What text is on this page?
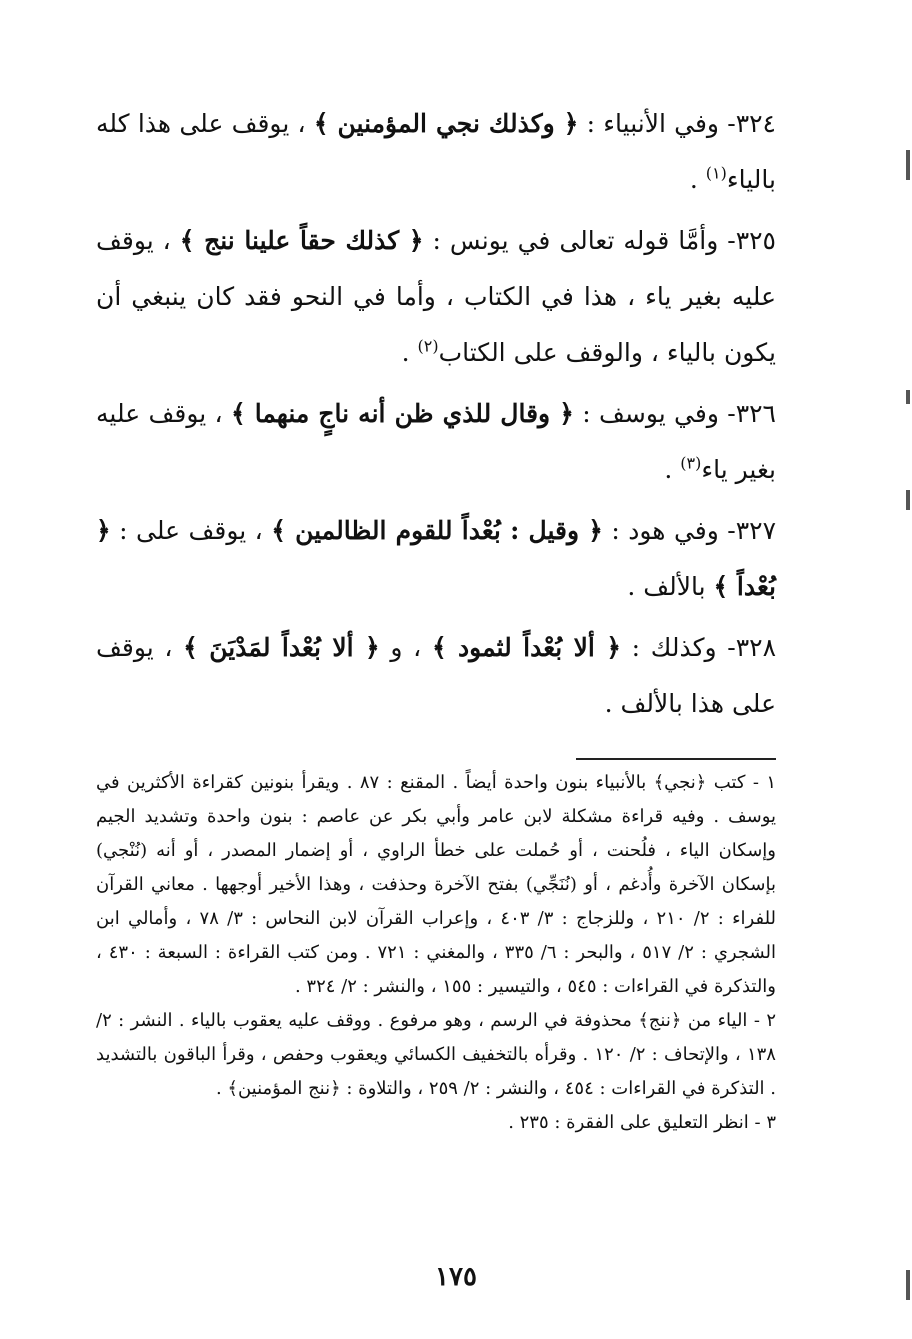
٣٢٤- وفي الأنبياء : ﴿ وكذلك نجي المؤمنين ﴾ ، يوقف على هذا كله بالياء$^{(١)}$ .

٣٢٥- وأمَّا قوله تعالى في يونس : ﴿ كذلك حقاً علينا ننج ﴾ ، يوقف عليه بغير ياء ، هذا في الكتاب ، وأما في النحو فقد كان ينبغي أن يكون بالياء ، والوقف على الكتاب$^{(٢)}$ .

٣٢٦- وفي يوسف : ﴿ وقال للذي ظن أنه ناجٍ منهما ﴾ ، يوقف عليه بغير ياء$^{(٣)}$ .

٣٢٧- وفي هود : ﴿ وقيل : بُعْداً للقوم الظالمين ﴾ ، يوقف على : ﴿ بُعْداً ﴾ بالألف .

٣٢٨- وكذلك : ﴿ ألا بُعْداً لثمود ﴾ ، و ﴿ ألا بُعْداً لمَدْيَنَ ﴾ ، يوقف على هذا بالألف .

١ - كتب ﴿نجي﴾ بالأنبياء بنون واحدة أيضاً . المقنع : ٨٧ . ويقرأ بنونين كقراءة الأكثرين في يوسف . وفيه قراءة مشكلة لابن عامر وأبي بكر عن عاصم : بنون واحدة وتشديد الجيم وإسكان الياء ، فلُحنت ، أو حُملت على خطأ الراوي ، أو إضمار المصدر ، أو أنه (نُنْجي) بإسكان الآخرة وأُدغم ، أو (نُنَجِّي) بفتح الآخرة وحذفت ، وهذا الأخير أوجهها . معاني القرآن للفراء : ٢/ ٢١٠ ، وللزجاج : ٣/ ٤٠٣ ، وإعراب القرآن لابن النحاس : ٣/ ٧٨ ، وأمالي ابن الشجري : ٢/ ٥١٧ ، والبحر : ٦/ ٣٣٥ ، والمغني : ٧٢١ . ومن كتب القراءة : السبعة : ٤٣٠ ، والتذكرة في القراءات : ٥٤٥ ، والتيسير : ١٥٥ ، والنشر : ٢/ ٣٢٤ .

٢ - الياء من ﴿ننج﴾ محذوفة في الرسم ، وهو مرفوع . ووقف عليه يعقوب بالياء . النشر : ٢/ ١٣٨ ، والإتحاف : ٢/ ١٢٠ . وقرأه بالتخفيف الكسائي ويعقوب وحفص ، وقرأ الباقون بالتشديد . التذكرة في القراءات : ٤٥٤ ، والنشر : ٢/ ٢٥٩ ، والتلاوة : ﴿ننج المؤمنين﴾ .

٣ - انظر التعليق على الفقرة : ٢٣٥ .

١٧٥
